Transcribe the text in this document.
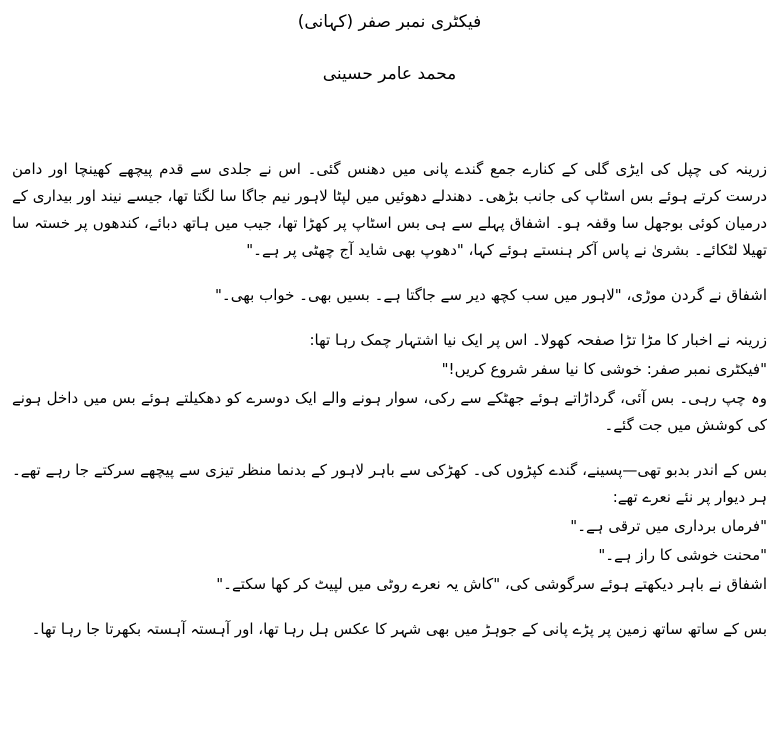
فیکٹری نمبر صفر (کہانی)
محمد عامر حسینی

زرینہ کی چپل کی ایڑی گلی کے کنارے جمع گندے پانی میں دھنس گئی۔ اس نے جلدی سے قدم پیچھے کھینچا اور دامن درست کرتے ہوئے بس اسٹاپ کی جانب بڑھی۔ دھندلے دھوئیں میں لپٹا لاہور نیم جاگا سا لگتا تھا، جیسے نیند اور بیداری کے درمیان کوئی بوجھل سا وقفہ ہو۔ اشفاق پہلے سے ہی بس اسٹاپ پر کھڑا تھا، جیب میں ہاتھ دبائے، کندھوں پر خستہ سا تھیلا لٹکائے۔ بشریٰ نے پاس آکر ہنستے ہوئے کہا، "دھوپ بھی شاید آج چھٹی پر ہے۔"

اشفاق نے گردن موڑی، "لاہور میں سب کچھ دیر سے جاگتا ہے۔ بسیں بھی۔ خواب بھی۔"

زرینہ نے اخبار کا مڑا تڑا صفحہ کھولا۔ اس پر ایک نیا اشتہار چمک رہا تھا:

"فیکٹری نمبر صفر: خوشی کا نیا سفر شروع کریں!"

وہ چپ رہی۔ بس آئی، گرداڑاتے ہوئے جھٹکے سے رکی، سوار ہونے والے ایک دوسرے کو دھکیلتے ہوئے بس میں داخل ہونے کی کوشش میں جت گئے۔

بس کے اندر بدبو تھی—پسینے، گندے کپڑوں کی۔ کھڑکی سے باہر لاہور کے بدنما منظر تیزی سے پیچھے سرکتے جا رہے تھے۔ ہر دیوار پر نئے نعرے تھے:

"فرماں برداری میں ترقی ہے۔"

"محنت خوشی کا راز ہے۔"

اشفاق نے باہر دیکھتے ہوئے سرگوشی کی، "کاش یہ نعرے روٹی میں لپیٹ کر کھا سکتے۔"

بس کے ساتھ ساتھ زمین پر پڑے پانی کے جوہڑ میں بھی شہر کا عکس ہل رہا تھا، اور آہستہ آہستہ بکھرتا جا رہا تھا۔
